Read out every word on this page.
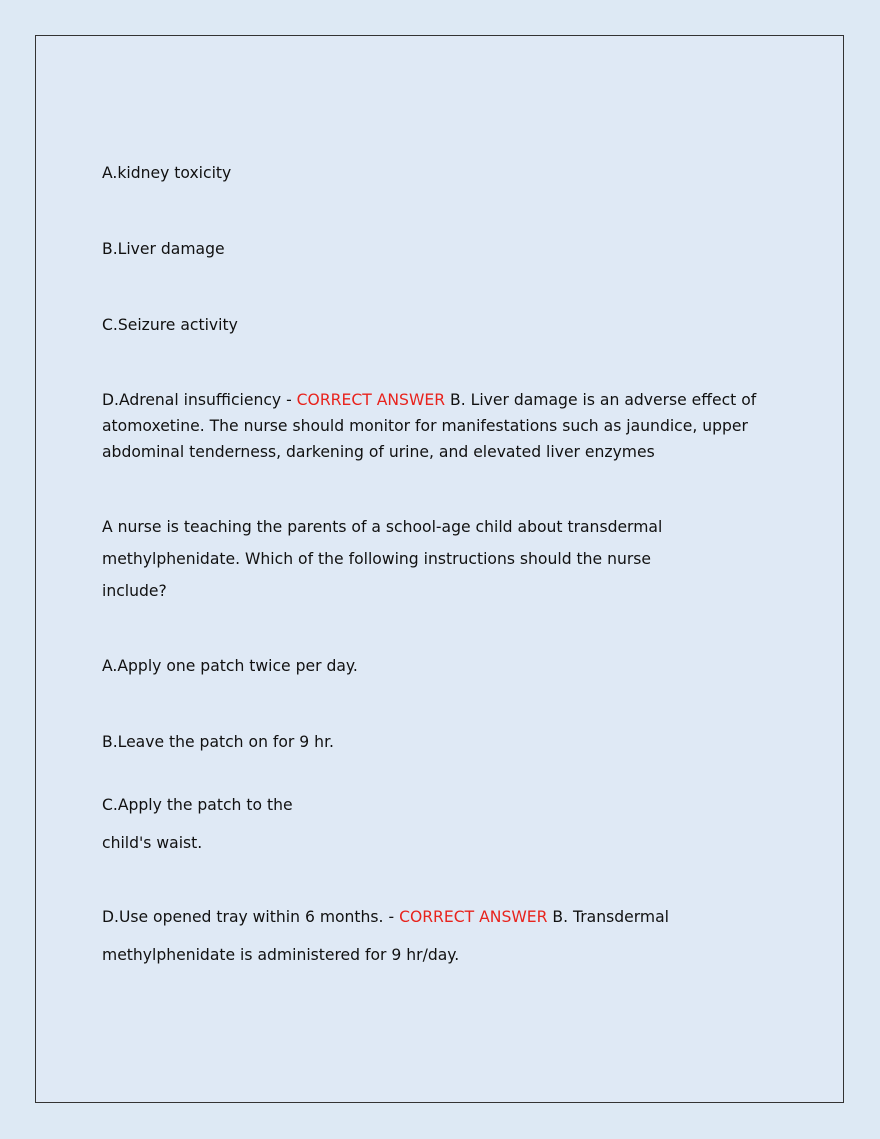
A.kidney toxicity
B.Liver damage
C.Seizure activity
D.Adrenal insufficiency - CORRECT ANSWER B. Liver damage is an adverse effect of
atomoxetine. The nurse should monitor for manifestations such as jaundice, upper
abdominal tenderness, darkening of urine, and elevated liver enzymes
A nurse is teaching the parents of a school-age child about transdermal
methylphenidate. Which of the following instructions should the nurse
include?
A.Apply one patch twice per day.
B.Leave the patch on for 9 hr.
C.Apply the patch to the
child's waist.
D.Use opened tray within 6 months. - CORRECT ANSWER B. Transdermal
methylphenidate is administered for 9 hr/day.
